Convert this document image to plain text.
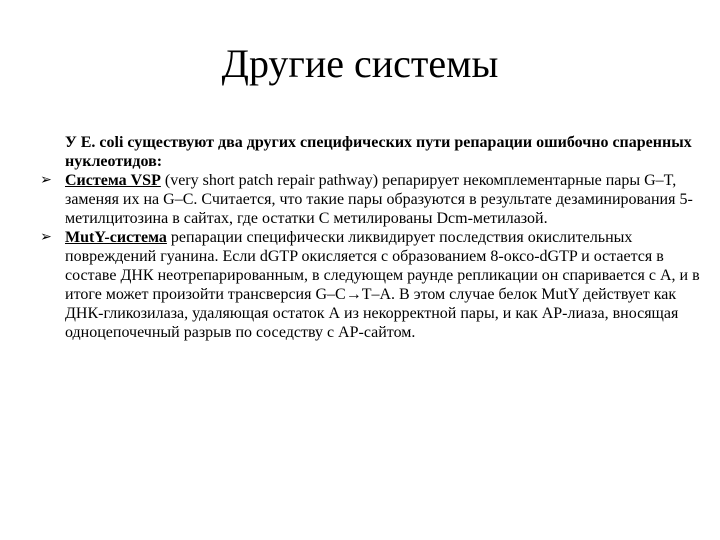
Другие системы

У E. coli существуют два других специфических пути репарации ошибочно спаренных нуклеотидов:

➢ Система VSP (very short patch repair pathway) репарирует некомплементарные пары G–T, заменяя их на G–C. Считается, что такие пары образуются в результате дезаминирования 5-метилцитозина в сайтах, где остатки С метилированы Dcm-метилазой.
➢ MutY-система репарации специфически ликвидирует последствия окислительных повреждений гуанина. Если dGTP окисляется с образованием 8-оксо-dGTP и остается в составе ДНК неотрепарированным, в следующем раунде репликации он спаривается с А, и в итоге может произойти трансверсия G–C→T–A. В этом случае белок MutY действует как ДНК-гликозилаза, удаляющая остаток А из некорректной пары, и как AP-лиаза, вносящая одноцепочечный разрыв по соседству с AP-сайтом.
